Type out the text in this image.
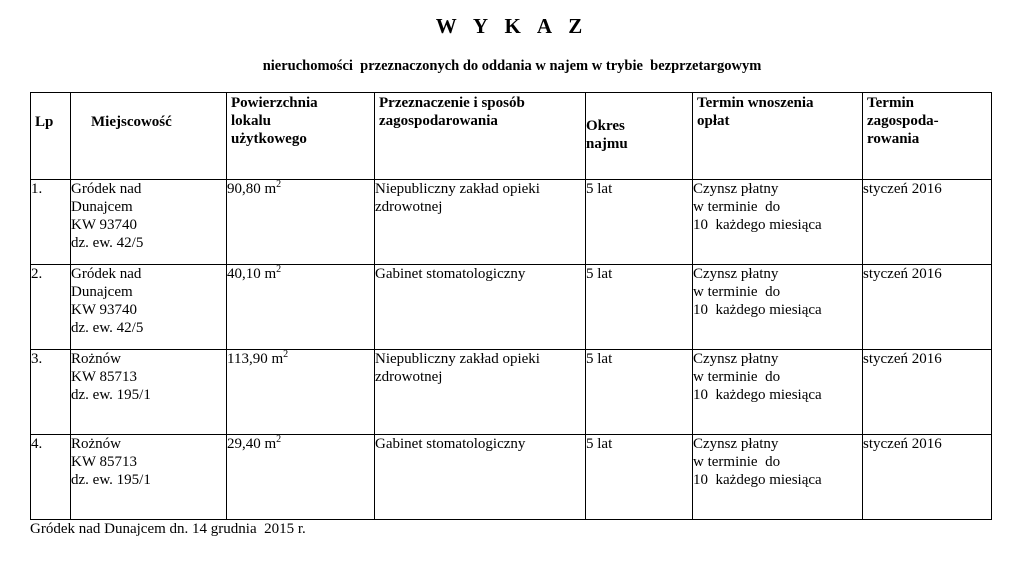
W Y K A Z
nieruchomości  przeznaczonych do oddania w najem w trybie  bezprzetargowym
Lp	Miejscowość	Powierzchnia
lokalu
użytkowego	Przeznaczenie i sposób
zagospodarowania	Okres
najmu	Termin wnoszenia
opłat	Termin
zagospoda-
rowania

1.	Gródek nad
Dunajcem
KW 93740
dz. ew. 42/5	90,80 $m^2$	Niepubliczny zakład opieki
zdrowotnej	5 lat	Czynsz płatny
w terminie  do
10  każdego miesiąca	styczeń 2016
2.	Gródek nad
Dunajcem
KW 93740
dz. ew. 42/5	40,10 $m^2$	Gabinet stomatologiczny	5 lat	Czynsz płatny
w terminie  do
10  każdego miesiąca	styczeń 2016
3.	Rożnów
KW 85713
dz. ew. 195/1	113,90 $m^2$	Niepubliczny zakład opieki
zdrowotnej	5 lat	Czynsz płatny
w terminie  do
10  każdego miesiąca	styczeń 2016
4.	Rożnów
KW 85713
dz. ew. 195/1	29,40 $m^2$	Gabinet stomatologiczny	5 lat	Czynsz płatny
w terminie  do
10  każdego miesiąca	styczeń 2016
Gródek nad Dunajcem dn. 14 grudnia  2015 r.
